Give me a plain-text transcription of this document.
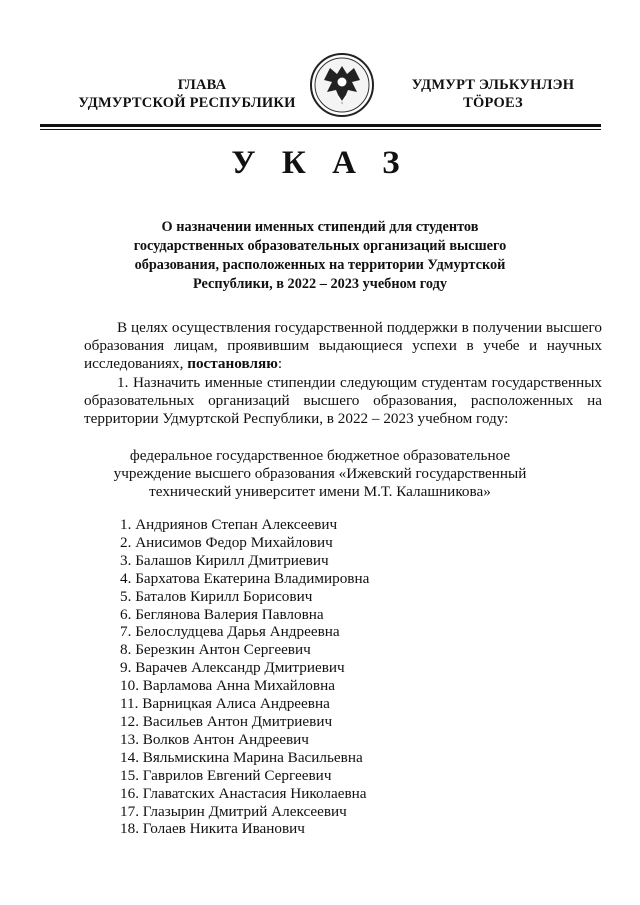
ГЛАВА
УДМУРТСКОЙ РЕСПУБЛИКИ
УДМУРТ ЭЛЬКУНЛЭН
ТӦРОЕЗ
У К А З
О назначении именных стипендий для студентов государственных образовательных организаций высшего образования, расположенных на территории Удмуртской Республики, в 2022 – 2023 учебном году
В целях осуществления государственной поддержки в получении высшего образования лицам, проявившим выдающиеся успехи в учебе и научных исследованиях, постановляю:
1. Назначить именные стипендии следующим студентам государственных образовательных организаций высшего образования, расположенных на территории Удмуртской Республики, в 2022 – 2023 учебном году:
федеральное государственное бюджетное образовательное учреждение высшего образования «Ижевский государственный технический университет имени М.Т. Калашникова»
1. Андриянов Степан Алексеевич
2. Анисимов Федор Михайлович
3. Балашов Кирилл Дмитриевич
4. Бархатова Екатерина Владимировна
5. Баталов Кирилл Борисович
6. Беглянова Валерия Павловна
7. Белослудцева Дарья Андреевна
8. Березкин Антон Сергеевич
9. Варачев Александр Дмитриевич
10. Варламова Анна Михайловна
11. Варницкая Алиса Андреевна
12. Васильев Антон Дмитриевич
13. Волков Антон Андреевич
14. Вяльмискина Марина Васильевна
15. Гаврилов Евгений Сергеевич
16. Главатских Анастасия Николаевна
17. Глазырин Дмитрий Алексеевич
18. Голаев Никита Иванович
